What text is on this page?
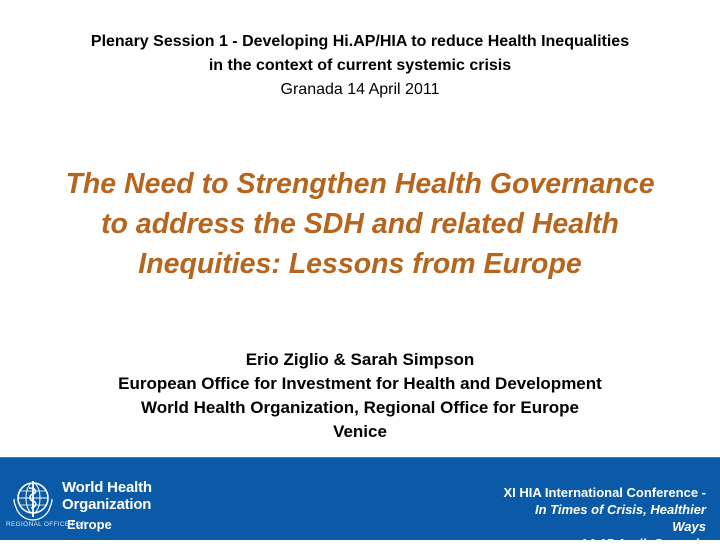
Plenary Session 1 - Developing Hi.AP/HIA to reduce Health Inequalities
in the context of current systemic crisis
Granada 14 April 2011
The Need to Strengthen Health Governance
to address the SDH and related Health
Inequities: Lessons from Europe
Erio Ziglio & Sarah Simpson
European Office for Investment for Health and Development
World Health Organization, Regional Office for Europe
Venice
World Health
Organization
REGIONAL OFFICE FOR
Europe
XI HIA International Conference -
In Times of Crisis, Healthier
Ways
14-15 April, Granada
